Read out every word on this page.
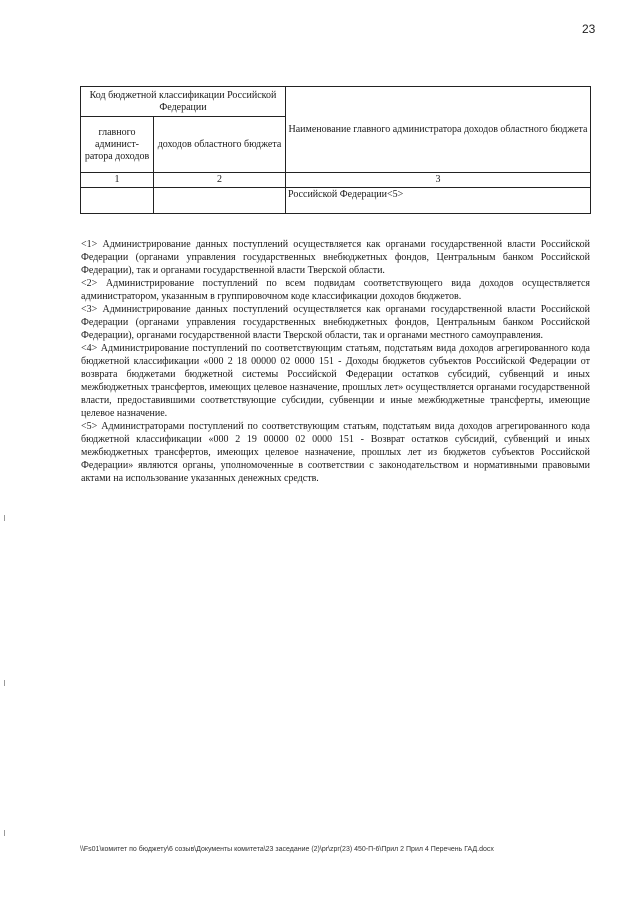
23
Код бюджетной классификации Российской Федерации		Наименование главного администратора доходов областного бюджета
главного админист-ратора доходов	доходов областного бюджета	
1	2	3
		Российской Федерации<5>

<1> Администрирование данных поступлений осуществляется как органами государственной власти Российской Федерации (органами управления государственных внебюджетных фондов, Центральным банком Российской Федерации), так и органами государственной власти Тверской области.

<2> Администрирование поступлений по всем подвидам соответствующего вида доходов осуществляется администратором, указанным в группировочном коде классификации доходов бюджетов.

<3> Администрирование данных поступлений осуществляется как органами государственной власти Российской Федерации (органами управления государственных внебюджетных фондов, Центральным банком Российской Федерации), органами государственной власти Тверской области, так и органами местного самоуправления.

<4> Администрирование поступлений по соответствующим статьям, подстатьям вида доходов агрегированного кода бюджетной классификации «000 2 18 00000 02 0000 151 - Доходы бюджетов субъектов Российской Федерации от возврата бюджетами бюджетной системы Российской Федерации остатков субсидий, субвенций и иных межбюджетных трансфертов, имеющих целевое назначение, прошлых лет» осуществляется органами государственной власти, предоставившими соответствующие субсидии, субвенции и иные межбюджетные трансферты, имеющие целевое назначение.

<5> Администраторами поступлений по соответствующим статьям, подстатьям вида доходов агрегированного кода бюджетной классификации «000 2 19 00000 02 0000 151 - Возврат остатков субсидий, субвенций и иных межбюджетных трансфертов, имеющих целевое назначение, прошлых лет из бюджетов субъектов Российской Федерации» являются органы, уполномоченные в соответствии с законодательством и нормативными правовыми актами на использование указанных денежных средств.

\\Fs01\комитет по бюджету\6 созыв\Документы комитета\23 заседание (2)\pr\zpr(23) 450-П-6\Прил 2 Прил 4 Перечень ГАД.docx
